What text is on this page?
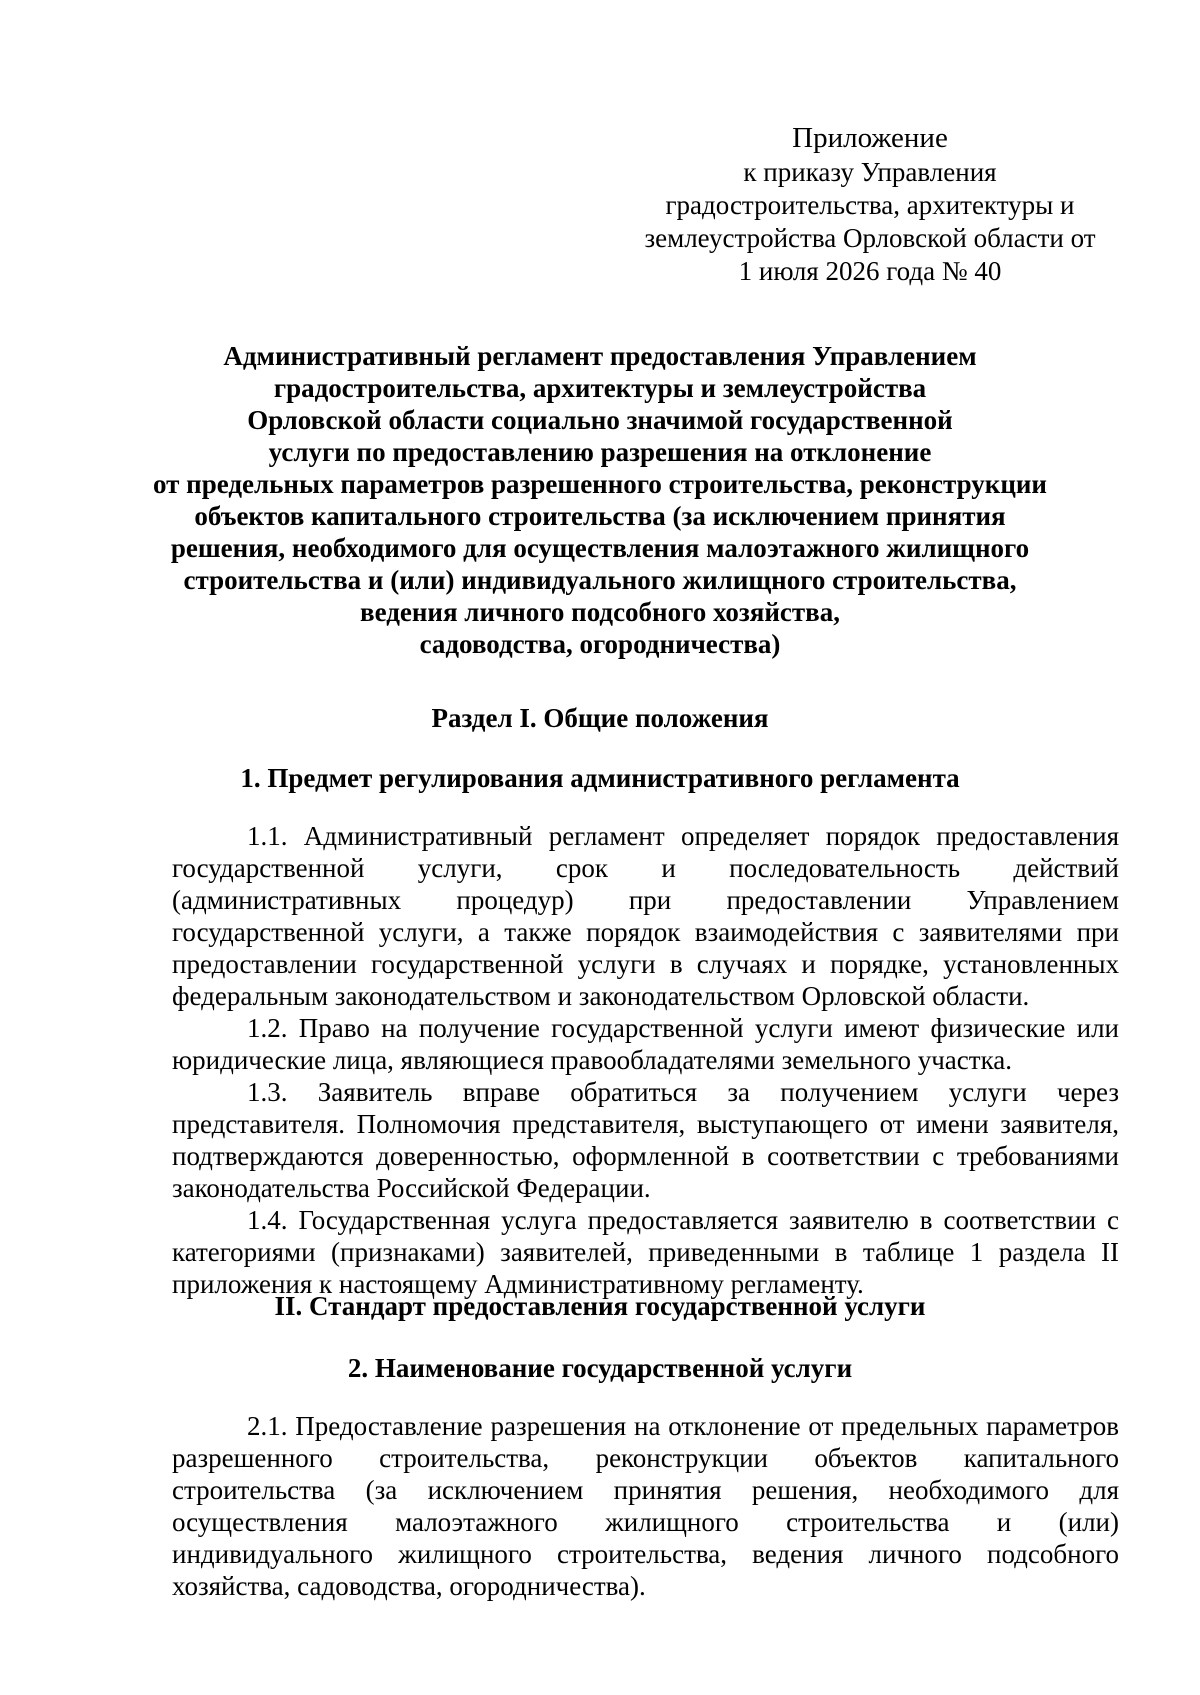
Приложение
к приказу Управления
градостроительства, архитектуры и
землеустройства Орловской области от
1 июля 2026 года № 40
Административный регламент предоставления Управлением
градостроительства, архитектуры и землеустройства
Орловской области социально значимой государственной
услуги по предоставлению разрешения на отклонение
от предельных параметров разрешенного строительства, реконструкции
объектов капитального строительства (за исключением принятия
решения, необходимого для осуществления малоэтажного жилищного
строительства и (или) индивидуального жилищного строительства,
ведения личного подсобного хозяйства,
садоводства, огородничества)
Раздел I. Общие положения
1. Предмет регулирования административного регламента

1.1. Административный регламент определяет порядок предоставления государственной услуги, срок и последовательность действий (административных процедур) при предоставлении Управлением государственной услуги, а также порядок взаимодействия с заявителями при предоставлении государственной услуги в случаях и порядке, установленных федеральным законодательством и законодательством Орловской области.

1.2. Право на получение государственной услуги имеют физические или юридические лица, являющиеся правообладателями земельного участка.

1.3. Заявитель вправе обратиться за получением услуги через представителя. Полномочия представителя, выступающего от имени заявителя, подтверждаются доверенностью, оформленной в соответствии с требованиями законодательства Российской Федерации.

1.4. Государственная услуга предоставляется заявителю в соответствии с категориями (признаками) заявителей, приведенными в таблице 1 раздела II приложения к настоящему Административному регламенту.

II. Стандарт предоставления государственной услуги
2. Наименование государственной услуги

2.1. Предоставление разрешения на отклонение от предельных параметров разрешенного строительства, реконструкции объектов капитального строительства (за исключением принятия решения, необходимого для осуществления малоэтажного жилищного строительства и (или) индивидуального жилищного строительства, ведения личного подсобного хозяйства, садоводства, огородничества).
